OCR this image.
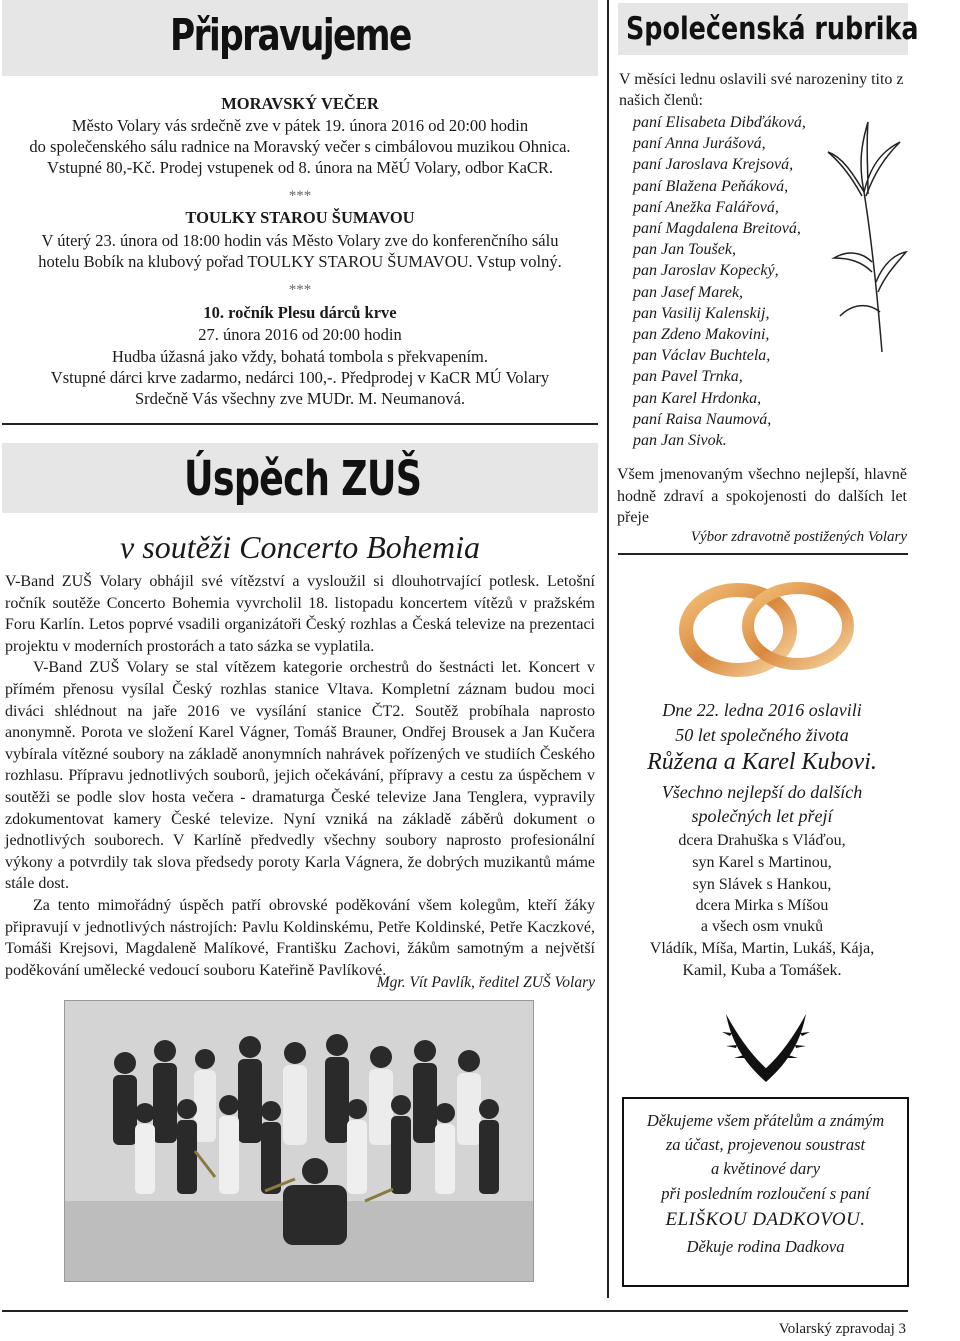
Připravujeme
MORAVSKÝ VEČER
Město Volary vás srdečně zve v pátek 19. února 2016 od 20:00 hodin
do společenského sálu radnice na Moravský večer s cimbálovou muzikou Ohnica.
Vstupné 80,-Kč. Prodej vstupenek od 8. února na MěÚ Volary, odbor KaCR.
***
TOULKY STAROU ŠUMAVOU
V úterý 23. února od 18:00 hodin vás Město Volary zve do konferenčního sálu
hotelu Bobík na klubový pořad TOULKY STAROU ŠUMAVOU. Vstup volný.
***
10. ročník Plesu dárců krve
27. února 2016 od 20:00 hodin
Hudba úžasná jako vždy, bohatá tombola s překvapením.
Vstupné dárci krve zadarmo, nedárci 100,-. Předprodej v KaCR MÚ Volary
Srdečně Vás všechny zve MUDr. M. Neumanová.
Úspěch ZUŠ
v soutěži Concerto Bohemia

V-Band ZUŠ Volary obhájil své vítězství a vysloužil si dlouhotrvající potlesk. Letošní ročník soutěže Concerto Bohemia vyvrcholil 18. listopadu koncertem vítězů v pražském Foru Karlín. Letos poprvé vsadili organizátoři Český rozhlas a Česká televize na prezentaci projektu v moderních prostorách a tato sázka se vyplatila.

V-Band ZUŠ Volary se stal vítězem kategorie orchestrů do šestnácti let. Koncert v přímém přenosu vysílal Český rozhlas stanice Vltava. Kompletní záznam budou moci diváci shlédnout na jaře 2016 ve vysílání stanice ČT2. Soutěž probíhala naprosto anonymně. Porota ve složení Karel Vágner, Tomáš Brauner, Ondřej Brousek a Jan Kučera vybírala vítězné soubory na základě anonymních nahrávek pořízených ve studiích Českého rozhlasu. Přípravu jednotlivých souborů, jejich očekávání, přípravy a cestu za úspěchem v soutěži se podle slov hosta večera - dramaturga České televize Jana Tenglera, vypravily zdokumentovat kamery České televize. Nyní vzniká na základě záběrů dokument o jednotlivých souborech. V Karlíně předvedly všechny soubory naprosto profesionální výkony a potvrdily tak slova předsedy poroty Karla Vágnera, že dobrých muzikantů máme stále dost.

Za tento mimořádný úspěch patří obrovské poděkování všem kolegům, kteří žáky připravují v jednotlivých nástrojích: Pavlu Koldinskému, Petře Koldinské, Petře Kaczkové, Tomáši Krejsovi, Magdaleně Malíkové, Františku Zachovi, žákům samotným a největší poděkování umělecké vedoucí souboru Kateřině Pavlíkové.

Mgr. Vít Pavlík, ředitel ZUŠ Volary
Společenská rubrika
V měsíci lednu oslavili své narozeniny tito z našich členů:
paní Elisabeta Dibďáková,
paní Anna Jurášová,
paní Jaroslava Krejsová,
paní Blažena Peňáková,
paní Anežka Falářová,
paní Magdalena Breitová,
pan Jan Toušek,
pan Jaroslav Kopecký,
pan Jasef Marek,
pan Vasilij Kalenskij,
pan Zdeno Makovini,
pan Václav Buchtela,
pan Pavel Trnka,
pan Karel Hrdonka,
paní Raisa Naumová,
pan Jan Sivok.
Všem jmenovaným všechno nejlepší, hlavně hodně zdraví a spokojenosti do dalších let přeje
Výbor zdravotně postižených Volary
Dne 22. ledna 2016 oslavili
50 let společného života
Růžena a Karel Kubovi.
Všechno nejlepší do dalších
společných let přejí
dcera Drahuška s Vláďou,
syn Karel s Martinou,
syn Slávek s Hankou,
dcera Mirka s Míšou
a všech osm vnuků
Vládík, Míša, Martin, Lukáš, Kája,
Kamil, Kuba a Tomášek.
Děkujeme všem přátelům a známým
za účast, projevenou soustrast
a květinové dary
při posledním rozloučení s paní
ELIŠKOU DADKOVOU.
Děkuje rodina Dadkova
Volarský zpravodaj 3
